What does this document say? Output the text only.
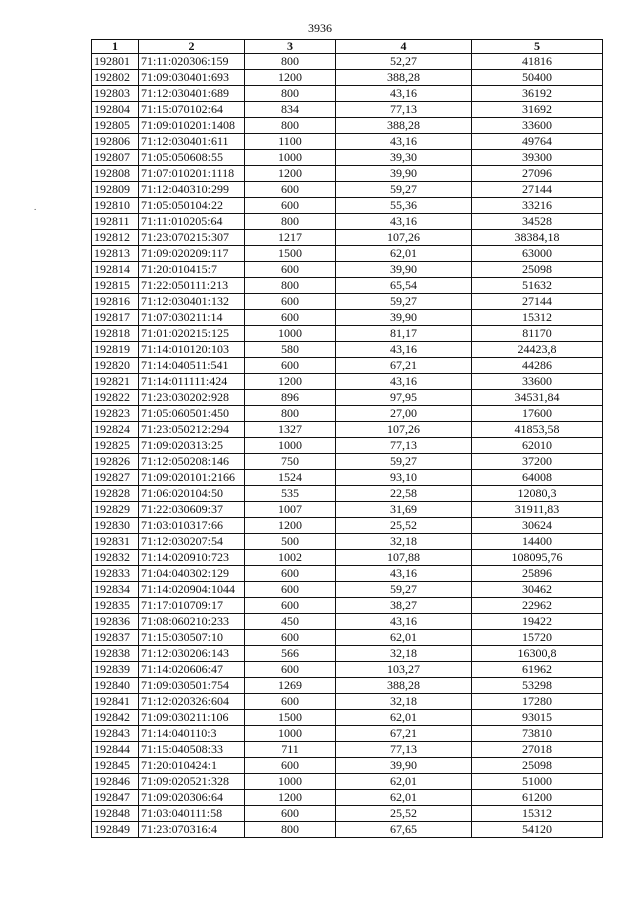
3936
.
1	2	3	4	5
192801	71:11:020306:159	800	52,27	41816
192802	71:09:030401:693	1200	388,28	50400
192803	71:12:030401:689	800	43,16	36192
192804	71:15:070102:64	834	77,13	31692
192805	71:09:010201:1408	800	388,28	33600
192806	71:12:030401:611	1100	43,16	49764
192807	71:05:050608:55	1000	39,30	39300
192808	71:07:010201:1118	1200	39,90	27096
192809	71:12:040310:299	600	59,27	27144
192810	71:05:050104:22	600	55,36	33216
192811	71:11:010205:64	800	43,16	34528
192812	71:23:070215:307	1217	107,26	38384,18
192813	71:09:020209:117	1500	62,01	63000
192814	71:20:010415:7	600	39,90	25098
192815	71:22:050111:213	800	65,54	51632
192816	71:12:030401:132	600	59,27	27144
192817	71:07:030211:14	600	39,90	15312
192818	71:01:020215:125	1000	81,17	81170
192819	71:14:010120:103	580	43,16	24423,8
192820	71:14:040511:541	600	67,21	44286
192821	71:14:011111:424	1200	43,16	33600
192822	71:23:030202:928	896	97,95	34531,84
192823	71:05:060501:450	800	27,00	17600
192824	71:23:050212:294	1327	107,26	41853,58
192825	71:09:020313:25	1000	77,13	62010
192826	71:12:050208:146	750	59,27	37200
192827	71:09:020101:2166	1524	93,10	64008
192828	71:06:020104:50	535	22,58	12080,3
192829	71:22:030609:37	1007	31,69	31911,83
192830	71:03:010317:66	1200	25,52	30624
192831	71:12:030207:54	500	32,18	14400
192832	71:14:020910:723	1002	107,88	108095,76
192833	71:04:040302:129	600	43,16	25896
192834	71:14:020904:1044	600	59,27	30462
192835	71:17:010709:17	600	38,27	22962
192836	71:08:060210:233	450	43,16	19422
192837	71:15:030507:10	600	62,01	15720
192838	71:12:030206:143	566	32,18	16300,8
192839	71:14:020606:47	600	103,27	61962
192840	71:09:030501:754	1269	388,28	53298
192841	71:12:020326:604	600	32,18	17280
192842	71:09:030211:106	1500	62,01	93015
192843	71:14:040110:3	1000	67,21	73810
192844	71:15:040508:33	711	77,13	27018
192845	71:20:010424:1	600	39,90	25098
192846	71:09:020521:328	1000	62,01	51000
192847	71:09:020306:64	1200	62,01	61200
192848	71:03:040111:58	600	25,52	15312
192849	71:23:070316:4	800	67,65	54120
